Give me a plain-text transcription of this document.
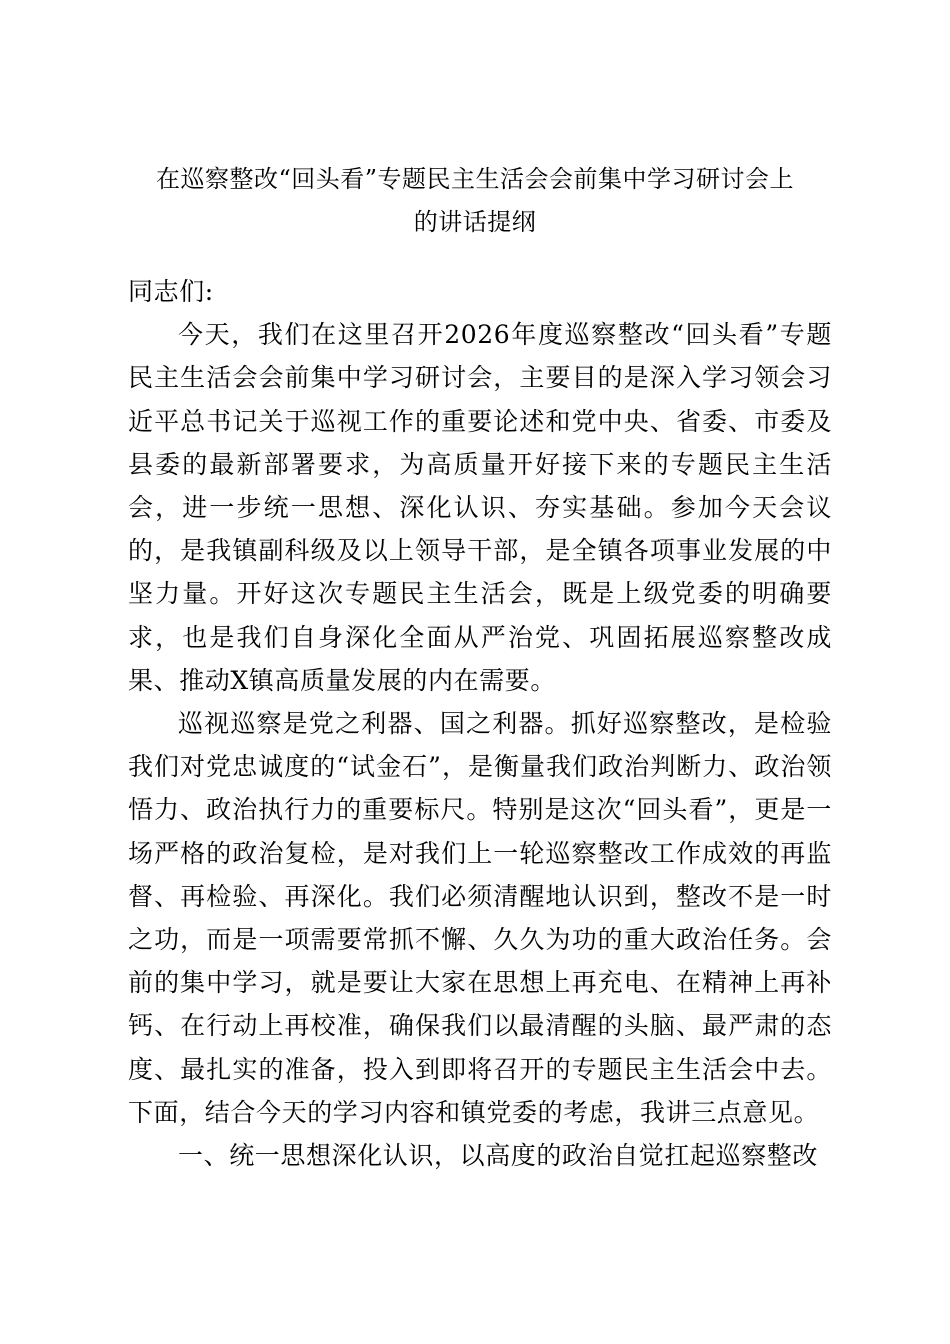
在巡察整改“回头看”专题民主生活会会前集中学习研讨会上
的讲话提纲

同志们:

今天，我们在这里召开2026年度巡察整改“回头看”专题民主生活会会前集中学习研讨会，主要目的是深入学习领会习近平总书记关于巡视工作的重要论述和党中央、省委、市委及县委的最新部署要求，为高质量开好接下来的专题民主生活会，进一步统一思想、深化认识、夯实基础。参加今天会议的，是我镇副科级及以上领导干部，是全镇各项事业发展的中坚力量。开好这次专题民主生活会，既是上级党委的明确要求，也是我们自身深化全面从严治党、巩固拓展巡察整改成果、推动X镇高质量发展的内在需要。

巡视巡察是党之利器、国之利器。抓好巡察整改，是检验我们对党忠诚度的“试金石”，是衡量我们政治判断力、政治领悟力、政治执行力的重要标尺。特别是这次“回头看”，更是一场严格的政治复检，是对我们上一轮巡察整改工作成效的再监督、再检验、再深化。我们必须清醒地认识到，整改不是一时之功，而是一项需要常抓不懈、久久为功的重大政治任务。会前的集中学习，就是要让大家在思想上再充电、在精神上再补钙、在行动上再校准，确保我们以最清醒的头脑、最严肃的态度、最扎实的准备，投入到即将召开的专题民主生活会中去。下面，结合今天的学习内容和镇党委的考虑，我讲三点意见。

一、统一思想深化认识，以高度的政治自觉扛起巡察整改
